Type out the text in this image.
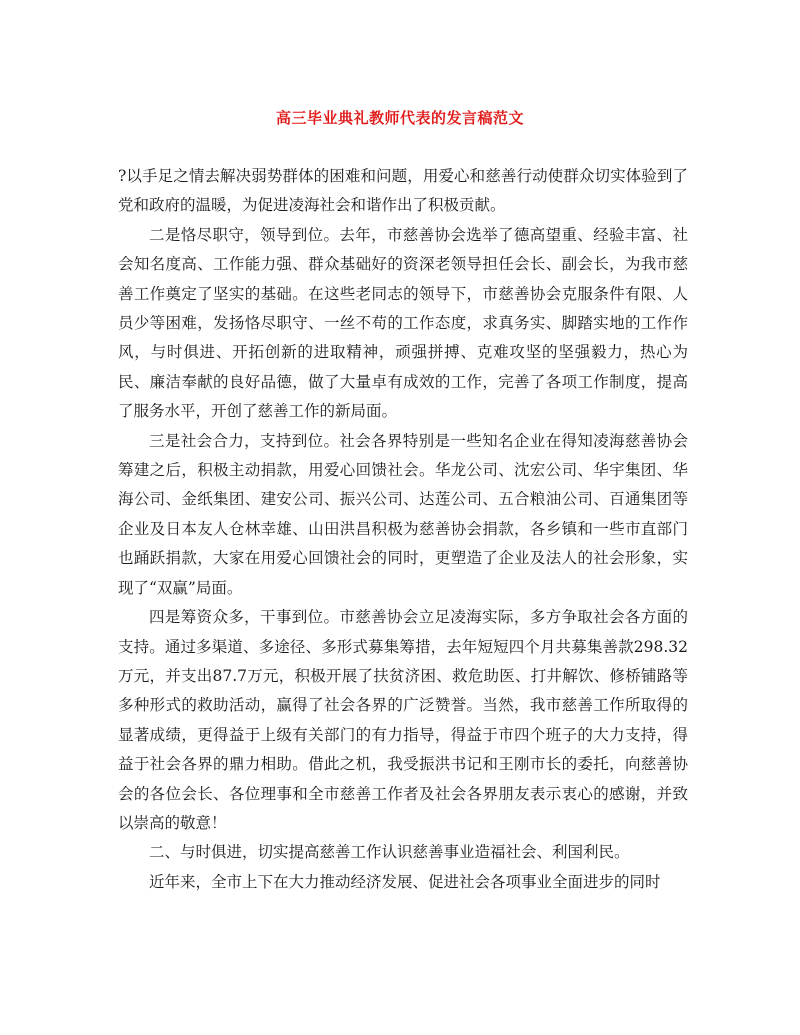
高三毕业典礼教师代表的发言稿范文

?以手足之情去解决弱势群体的困难和问题，用爱心和慈善行动使群众切实体验到了党和政府的温暖，为促进凌海社会和谐作出了积极贡献。

二是恪尽职守，领导到位。去年，市慈善协会选举了德高望重、经验丰富、社会知名度高、工作能力强、群众基础好的资深老领导担任会长、副会长，为我市慈善工作奠定了坚实的基础。在这些老同志的领导下，市慈善协会克服条件有限、人员少等困难，发扬恪尽职守、一丝不苟的工作态度，求真务实、脚踏实地的工作作风，与时俱进、开拓创新的进取精神，顽强拼搏、克难攻坚的坚强毅力，热心为民、廉洁奉献的良好品德，做了大量卓有成效的工作，完善了各项工作制度，提高了服务水平，开创了慈善工作的新局面。

三是社会合力，支持到位。社会各界特别是一些知名企业在得知凌海慈善协会筹建之后，积极主动捐款，用爱心回馈社会。华龙公司、沈宏公司、华宇集团、华海公司、金纸集团、建安公司、振兴公司、达莲公司、五合粮油公司、百通集团等企业及日本友人仓林幸雄、山田洪昌积极为慈善协会捐款，各乡镇和一些市直部门也踊跃捐款，大家在用爱心回馈社会的同时，更塑造了企业及法人的社会形象，实现了“双赢”局面。

四是筹资众多，干事到位。市慈善协会立足凌海实际，多方争取社会各方面的支持。通过多渠道、多途径、多形式募集筹措，去年短短四个月共募集善款298.32万元，并支出87.7万元，积极开展了扶贫济困、救危助医、打井解饮、修桥铺路等多种形式的救助活动，赢得了社会各界的广泛赞誉。当然，我市慈善工作所取得的显著成绩，更得益于上级有关部门的有力指导，得益于市四个班子的大力支持，得益于社会各界的鼎力相助。借此之机，我受振洪书记和王刚市长的委托，向慈善协会的各位会长、各位理事和全市慈善工作者及社会各界朋友表示衷心的感谢，并致以崇高的敬意！

二、与时俱进，切实提高慈善工作认识慈善事业造福社会、利国利民。

近年来，全市上下在大力推动经济发展、促进社会各项事业全面进步的同时
